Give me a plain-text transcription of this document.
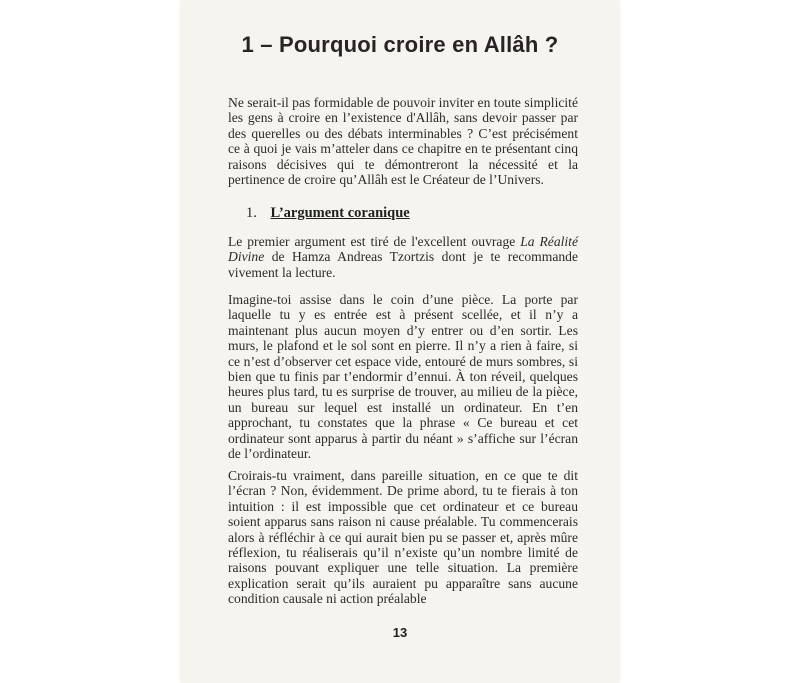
1 – Pourquoi croire en Allâh ?
Ne serait-il pas formidable de pouvoir inviter en toute simplicité les gens à croire en l’existence d'Allâh, sans devoir passer par des querelles ou des débats interminables ? C’est précisément ce à quoi je vais m’atteler dans ce chapitre en te présentant cinq raisons décisives qui te démontreront la nécessité et la pertinence de croire qu’Allâh est le Créateur de l’Univers.
1. L’argument coranique
Le premier argument est tiré de l'excellent ouvrage La Réalité Divine de Hamza Andreas Tzortzis dont je te recommande vivement la lecture.
Imagine-toi assise dans le coin d’une pièce. La porte par laquelle tu y es entrée est à présent scellée, et il n’y a maintenant plus aucun moyen d’y entrer ou d’en sortir. Les murs, le plafond et le sol sont en pierre. Il n’y a rien à faire, si ce n’est d’observer cet espace vide, entouré de murs sombres, si bien que tu finis par t’endormir d’ennui. À ton réveil, quelques heures plus tard, tu es surprise de trouver, au milieu de la pièce, un bureau sur lequel est installé un ordinateur. En t’en approchant, tu constates que la phrase « Ce bureau et cet ordinateur sont apparus à partir du néant » s’affiche sur l’écran de l’ordinateur.
Croirais-tu vraiment, dans pareille situation, en ce que te dit l’écran ? Non, évidemment. De prime abord, tu te fierais à ton intuition : il est impossible que cet ordinateur et ce bureau soient apparus sans raison ni cause préalable. Tu commencerais alors à réfléchir à ce qui aurait bien pu se passer et, après mûre réflexion, tu réaliserais qu’il n’existe qu’un nombre limité de raisons pouvant expliquer une telle situation. La première explication serait qu’ils auraient pu apparaître sans aucune condition causale ni action préalable
13
